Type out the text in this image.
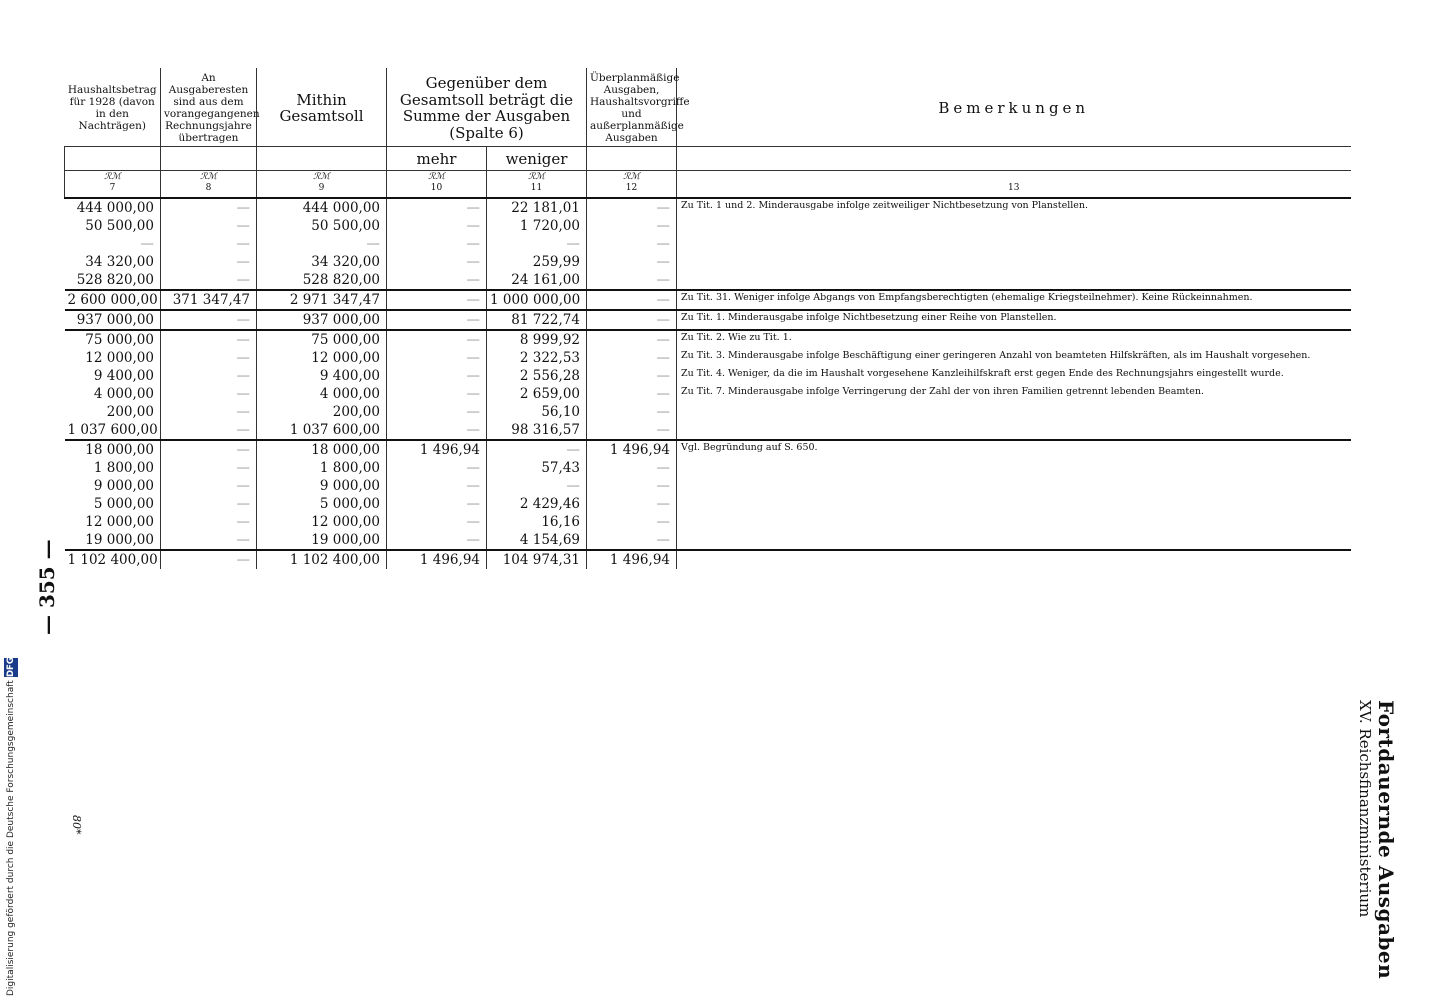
— 355 —
Fortdauernde Ausgaben
XV. Reichsfinanzministerium
Haushaltsbetrag für 1928 (davon in den Nachträgen)	An Ausgaberesten sind aus dem vorangegangenen Rechnungsjahre übertragen	Mithin Gesamtsoll	Gegenüber dem Gesamtsoll beträgt die Summe der Ausgaben (Spalte 6)		Überplanmäßige Ausgaben, Haushaltsvorgriffe und außerplanmäßige Ausgaben	Bemerkungen
			mehr	weniger		
ℛℳ	ℛℳ	ℛℳ	ℛℳ	ℛℳ	ℛℳ	
7	8	9	10	11	12	13
444 000,00	—	444 000,00	—	22 181,01	—	Zu Tit. 1 und 2. Minderausgabe infolge zeitweiliger Nichtbesetzung von Planstellen.
50 500,00	—	50 500,00	—	1 720,00	—	
—	—	—	—	—	—	
34 320,00	—	34 320,00	—	259,99	—	
528 820,00	—	528 820,00	—	24 161,00	—	
2 600 000,00	371 347,47	2 971 347,47	—	1 000 000,00	—	Zu Tit. 31. Weniger infolge Abgangs von Empfangsberechtigten (ehemalige Kriegsteilnehmer). Keine Rückeinnahmen.
937 000,00	—	937 000,00	—	81 722,74	—	Zu Tit. 1. Minderausgabe infolge Nichtbesetzung einer Reihe von Planstellen.
75 000,00	—	75 000,00	—	8 999,92	—	Zu Tit. 2. Wie zu Tit. 1.
12 000,00	—	12 000,00	—	2 322,53	—	Zu Tit. 3. Minderausgabe infolge Beschäftigung einer geringeren Anzahl von beamteten Hilfskräften, als im Haushalt vorgesehen.
9 400,00	—	9 400,00	—	2 556,28	—	Zu Tit. 4. Weniger, da die im Haushalt vorgesehene Kanzleihilfskraft erst gegen Ende des Rechnungsjahrs eingestellt wurde.
4 000,00	—	4 000,00	—	2 659,00	—	Zu Tit. 7. Minderausgabe infolge Verringerung der Zahl der von ihren Familien getrennt lebenden Beamten.
200,00	—	200,00	—	56,10	—	
1 037 600,00	—	1 037 600,00	—	98 316,57	—	
18 000,00	—	18 000,00	1 496,94	—	1 496,94	Vgl. Begründung auf S. 650.
1 800,00	—	1 800,00	—	57,43	—	
9 000,00	—	9 000,00	—	—	—	
5 000,00	—	5 000,00	—	2 429,46	—	
12 000,00	—	12 000,00	—	16,16	—	
19 000,00	—	19 000,00	—	4 154,69	—	
1 102 400,00	—	1 102 400,00	1 496,94	104 974,31	1 496,94	
Digitalisierung gefördert durch die Deutsche Forschungsgemeinschaft DFG
80*
